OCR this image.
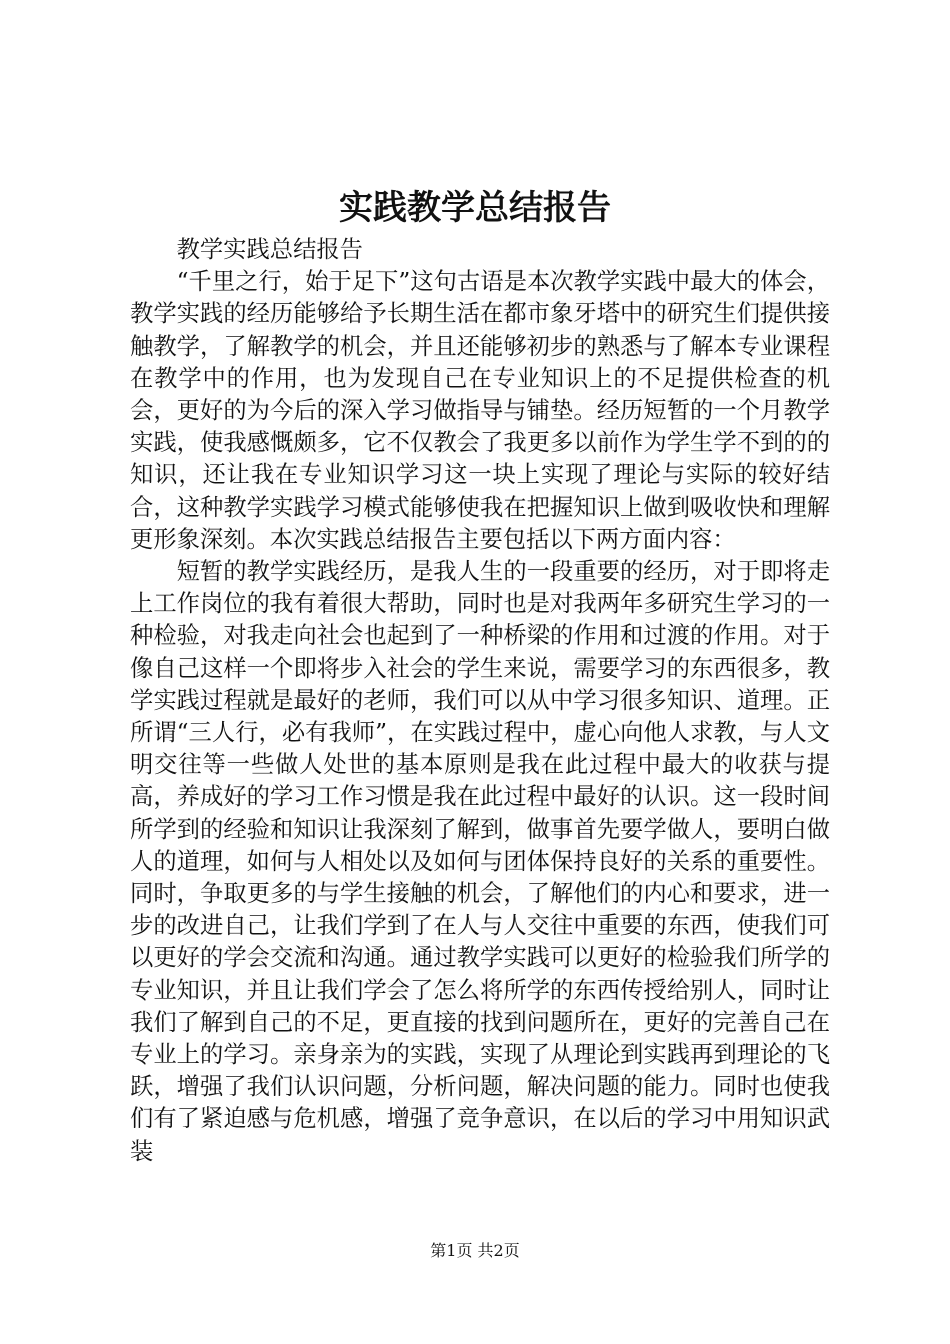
实践教学总结报告

教学实践总结报告

“千里之行，始于足下”这句古语是本次教学实践中最大的体会，教学实践的经历能够给予长期生活在都市象牙塔中的研究生们提供接触教学，了解教学的机会，并且还能够初步的熟悉与了解本专业课程在教学中的作用，也为发现自己在专业知识上的不足提供检查的机会，更好的为今后的深入学习做指导与铺垫。经历短暂的一个月教学实践，使我感慨颇多，它不仅教会了我更多以前作为学生学不到的的知识，还让我在专业知识学习这一块上实现了理论与实际的较好结合，这种教学实践学习模式能够使我在把握知识上做到吸收快和理解更形象深刻。本次实践总结报告主要包括以下两方面内容：

短暂的教学实践经历，是我人生的一段重要的经历，对于即将走上工作岗位的我有着很大帮助，同时也是对我两年多研究生学习的一种检验，对我走向社会也起到了一种桥梁的作用和过渡的作用。对于像自己这样一个即将步入社会的学生来说，需要学习的东西很多，教学实践过程就是最好的老师，我们可以从中学习很多知识、道理。正所谓“三人行，必有我师”，在实践过程中，虚心向他人求教，与人文明交往等一些做人处世的基本原则是我在此过程中最大的收获与提高，养成好的学习工作习惯是我在此过程中最好的认识。这一段时间所学到的经验和知识让我深刻了解到，做事首先要学做人，要明白做人的道理，如何与人相处以及如何与团体保持良好的关系的重要性。同时，争取更多的与学生接触的机会，了解他们的内心和要求，进一步的改进自己，让我们学到了在人与人交往中重要的东西，使我们可以更好的学会交流和沟通。通过教学实践可以更好的检验我们所学的专业知识，并且让我们学会了怎么将所学的东西传授给别人，同时让我们了解到自己的不足，更直接的找到问题所在，更好的完善自己在专业上的学习。亲身亲为的实践，实现了从理论到实践再到理论的飞跃，增强了我们认识问题，分析问题，解决问题的能力。同时也使我们有了紧迫感与危机感，增强了竞争意识，在以后的学习中用知识武装

第1页 共2页
